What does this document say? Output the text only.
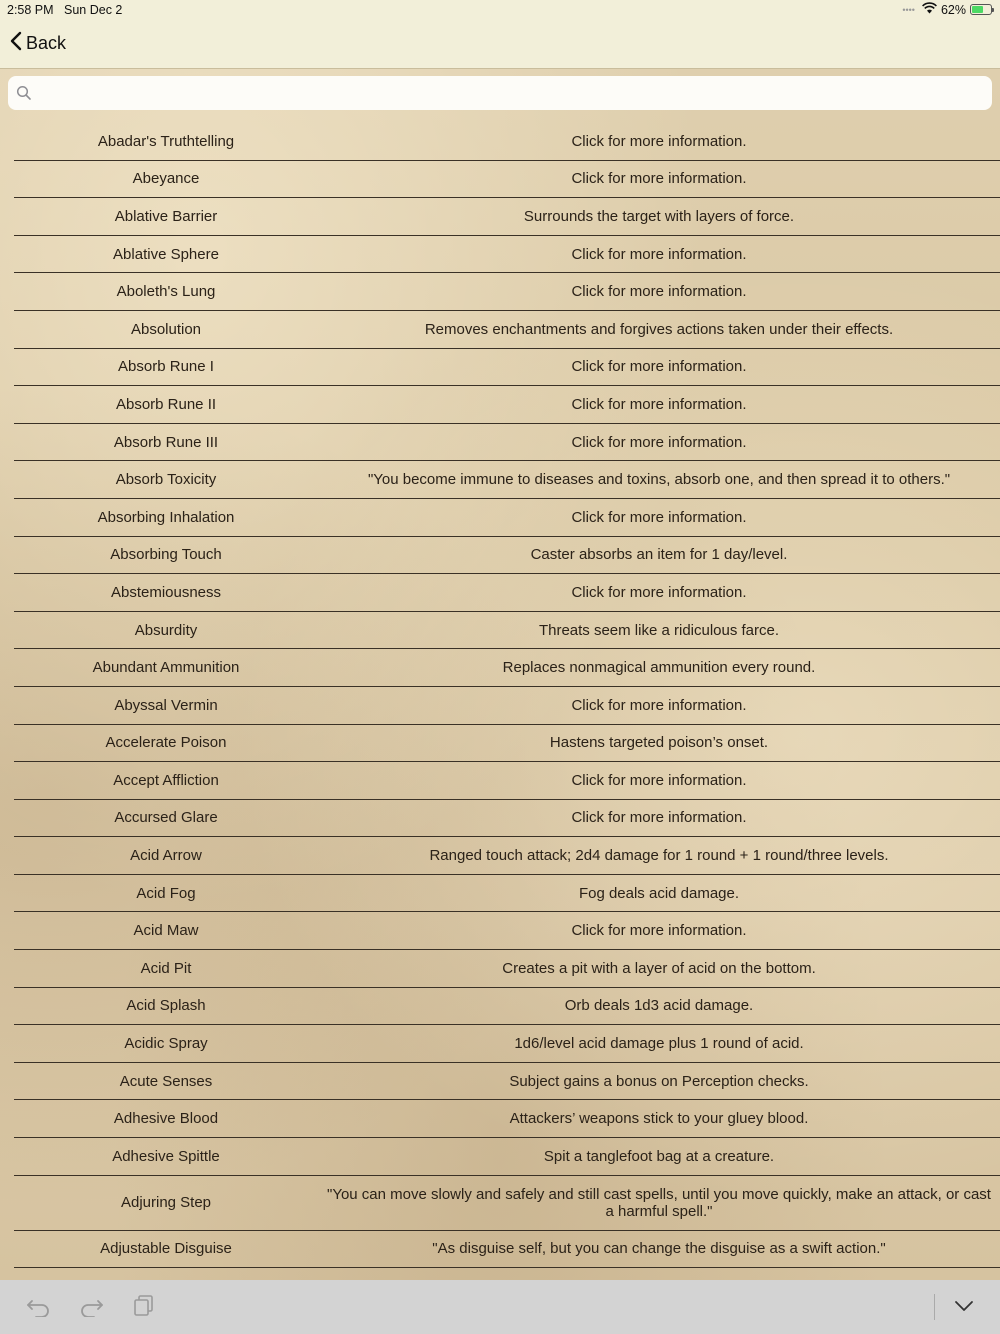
2:58 PM Sun Dec 2	•••• 62%
Back
Abadar's Truthtelling	Click for more information.
Abeyance	Click for more information.
Ablative Barrier	Surrounds the target with layers of force.
Ablative Sphere	Click for more information.
Aboleth's Lung	Click for more information.
Absolution	Removes enchantments and forgives actions taken under their effects.
Absorb Rune I	Click for more information.
Absorb Rune II	Click for more information.
Absorb Rune III	Click for more information.
Absorb Toxicity	"You become immune to diseases and toxins, absorb one, and then spread it to others."
Absorbing Inhalation	Click for more information.
Absorbing Touch	Caster absorbs an item for 1 day/level.
Abstemiousness	Click for more information.
Absurdity	Threats seem like a ridiculous farce.
Abundant Ammunition	Replaces nonmagical ammunition every round.
Abyssal Vermin	Click for more information.
Accelerate Poison	Hastens targeted poison’s onset.
Accept Affliction	Click for more information.
Accursed Glare	Click for more information.
Acid Arrow	Ranged touch attack; 2d4 damage for 1 round + 1 round/three levels.
Acid Fog	Fog deals acid damage.
Acid Maw	Click for more information.
Acid Pit	Creates a pit with a layer of acid on the bottom.
Acid Splash	Orb deals 1d3 acid damage.
Acidic Spray	1d6/level acid damage plus 1 round of acid.
Acute Senses	Subject gains a bonus on Perception checks.
Adhesive Blood	Attackers’ weapons stick to your gluey blood.
Adhesive Spittle	Spit a tanglefoot bag at a creature.
Adjuring Step	"You can move slowly and safely and still cast spells, until you move quickly, make an attack, or cast a harmful spell."
Adjustable Disguise	"As disguise self, but you can change the disguise as a swift action."
